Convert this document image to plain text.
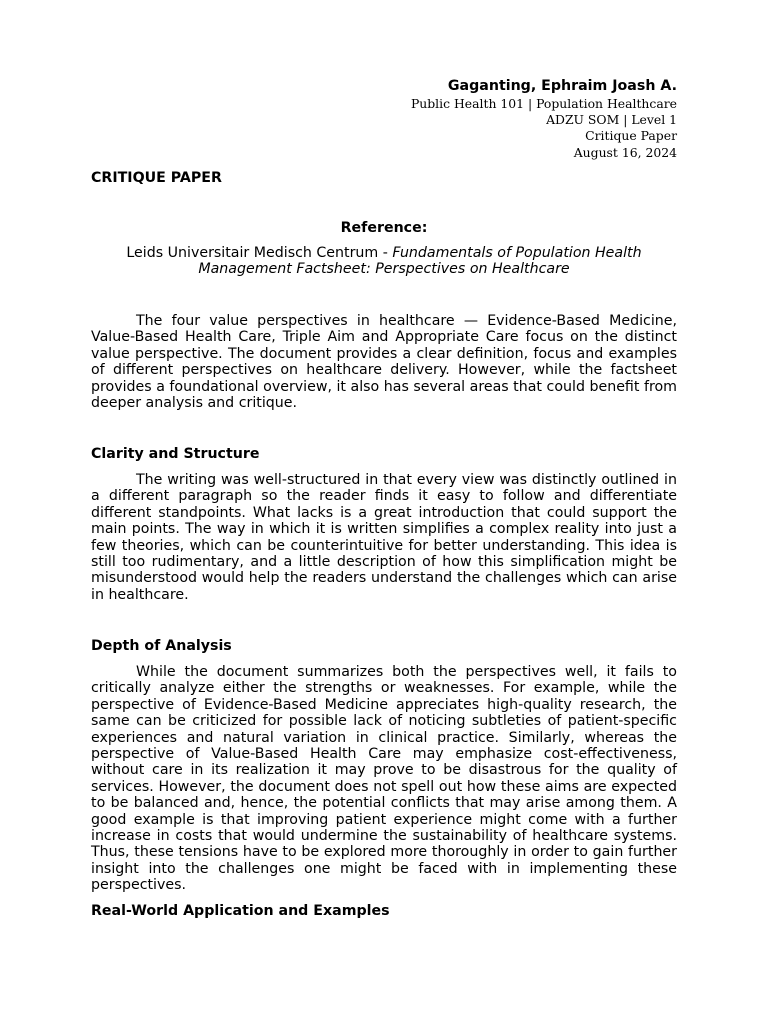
Gaganting, Ephraim Joash A.
Public Health 101 | Population Healthcare
ADZU SOM | Level 1
Critique Paper
August 16, 2024
CRITIQUE PAPER
Reference:
Leids Universitair Medisch Centrum - Fundamentals of Population Health
Management Factsheet: Perspectives on Healthcare

The four value perspectives in healthcare — Evidence-Based Medicine, Value-Based Health Care, Triple Aim and Appropriate Care focus on the distinct value perspective. The document provides a clear definition, focus and examples of different perspectives on healthcare delivery. However, while the factsheet provides a foundational overview, it also has several areas that could benefit from deeper analysis and critique.

Clarity and Structure

The writing was well-structured in that every view was distinctly outlined in a different paragraph so the reader finds it easy to follow and differentiate different standpoints. What lacks is a great introduction that could support the main points. The way in which it is written simplifies a complex reality into just a few theories, which can be counterintuitive for better understanding. This idea is still too rudimentary, and a little description of how this simplification might be misunderstood would help the readers understand the challenges which can arise in healthcare.

Depth of Analysis

While the document summarizes both the perspectives well, it fails to critically analyze either the strengths or weaknesses. For example, while the perspective of Evidence-Based Medicine appreciates high-quality research, the same can be criticized for possible lack of noticing subtleties of patient-specific experiences and natural variation in clinical practice. Similarly, whereas the perspective of Value-Based Health Care may emphasize cost-effectiveness, without care in its realization it may prove to be disastrous for the quality of services. However, the document does not spell out how these aims are expected to be balanced and, hence, the potential conflicts that may arise among them. A good example is that improving patient experience might come with a further increase in costs that would undermine the sustainability of healthcare systems. Thus, these tensions have to be explored more thoroughly in order to gain further insight into the challenges one might be faced with in implementing these perspectives.

Real-World Application and Examples
